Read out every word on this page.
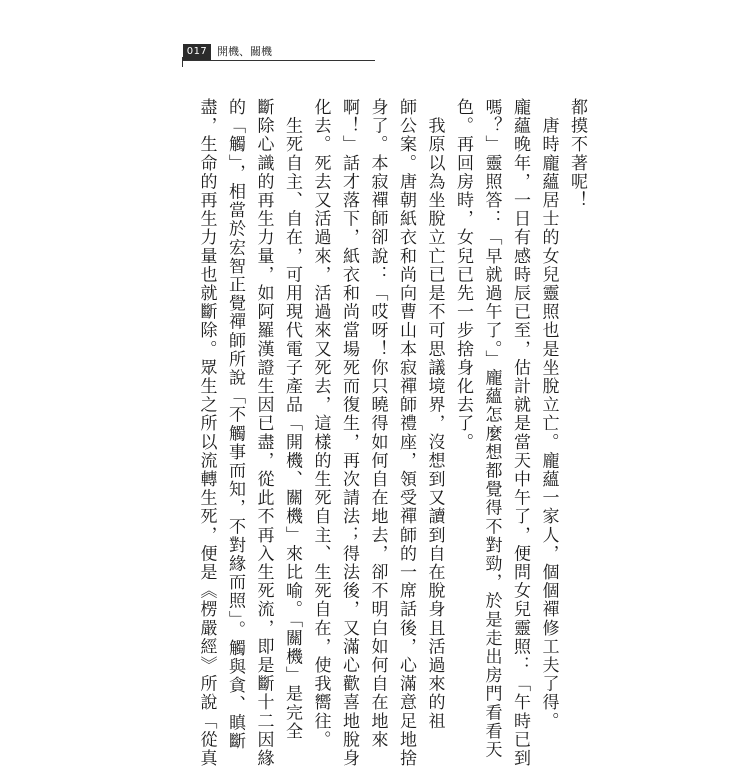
017 開機、關機
都摸不著呢！
　唐時龐蘊居士的女兒靈照也是坐脫立亡。龐蘊一家人，個個禪修工夫了得。
龐蘊晚年，一日有感時辰已至，估計就是當天中午了，便問女兒靈照：「午時已到
嗎？」靈照答：「早就過午了。」龐蘊怎麼想都覺得不對勁，於是走出房門看看天
色。再回房時，女兒已先一步捨身化去了。
　我原以為坐脫立亡已是不可思議境界，沒想到又讀到自在脫身且活過來的祖
師公案。唐朝紙衣和尚向曹山本寂禪師禮座，領受禪師的一席話後，心滿意足地捨
身了。本寂禪師卻說：「哎呀！你只曉得如何自在地去，卻不明白如何自在地來
啊！」話才落下，紙衣和尚當場死而復生，再次請法；得法後，又滿心歡喜地脫身
化去。死去又活過來，活過來又死去，這樣的生死自主、生死自在，使我嚮往。
　生死自主、自在，可用現代電子產品「開機、關機」來比喻。「關機」是完全
斷除心識的再生力量，如阿羅漢證生因已盡，從此不再入生死流，即是斷十二因緣
的「觸」，相當於宏智正覺禪師所說「不觸事而知，不對緣而照」。觸與貪、瞋斷
盡，生命的再生力量也就斷除。眾生之所以流轉生死，便是《楞嚴經》所說「從真
